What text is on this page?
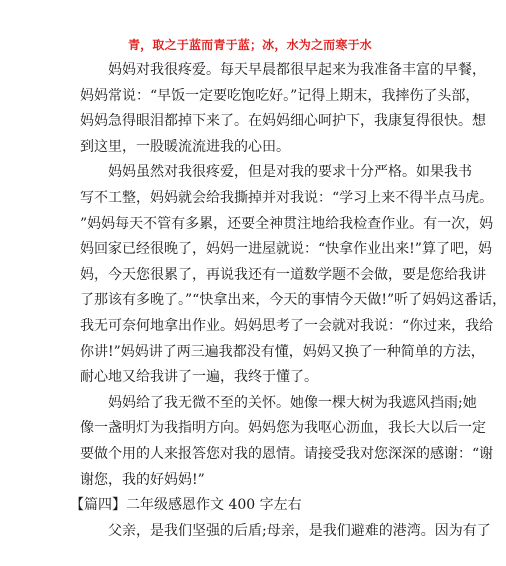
青，取之于蓝而青于蓝；冰，水为之而寒于水
妈妈对我很疼爱。每天早晨都很早起来为我准备丰富的早餐，
妈妈常说：“早饭一定要吃饱吃好。”记得上期末，我摔伤了头部，
妈妈急得眼泪都掉下来了。在妈妈细心呵护下，我康复得很快。想
到这里，一股暖流流进我的心田。
妈妈虽然对我很疼爱，但是对我的要求十分严格。如果我书
写不工整，妈妈就会给我撕掉并对我说：“学习上来不得半点马虎。
”妈妈每天不管有多累，还要全神贯注地给我检查作业。有一次，妈
妈回家已经很晚了，妈妈一进屋就说：“快拿作业出来!”算了吧，妈
妈，今天您很累了，再说我还有一道数学题不会做，要是您给我讲
了那该有多晚了。”“快拿出来，今天的事情今天做!”听了妈妈这番话，
我无可奈何地拿出作业。妈妈思考了一会就对我说：“你过来，我给
你讲!”妈妈讲了两三遍我都没有懂，妈妈又换了一种简单的方法，
耐心地又给我讲了一遍，我终于懂了。
妈妈给了我无微不至的关怀。她像一棵大树为我遮风挡雨;她
像一盏明灯为我指明方向。妈妈您为我呕心沥血，我长大以后一定
要做个用的人来报答您对我的恩情。请接受我对您深深的感谢：“谢
谢您，我的好妈妈!”
【篇四】二年级感恩作文 400 字左右
父亲，是我们坚强的后盾;母亲，是我们避难的港湾。因为有了
